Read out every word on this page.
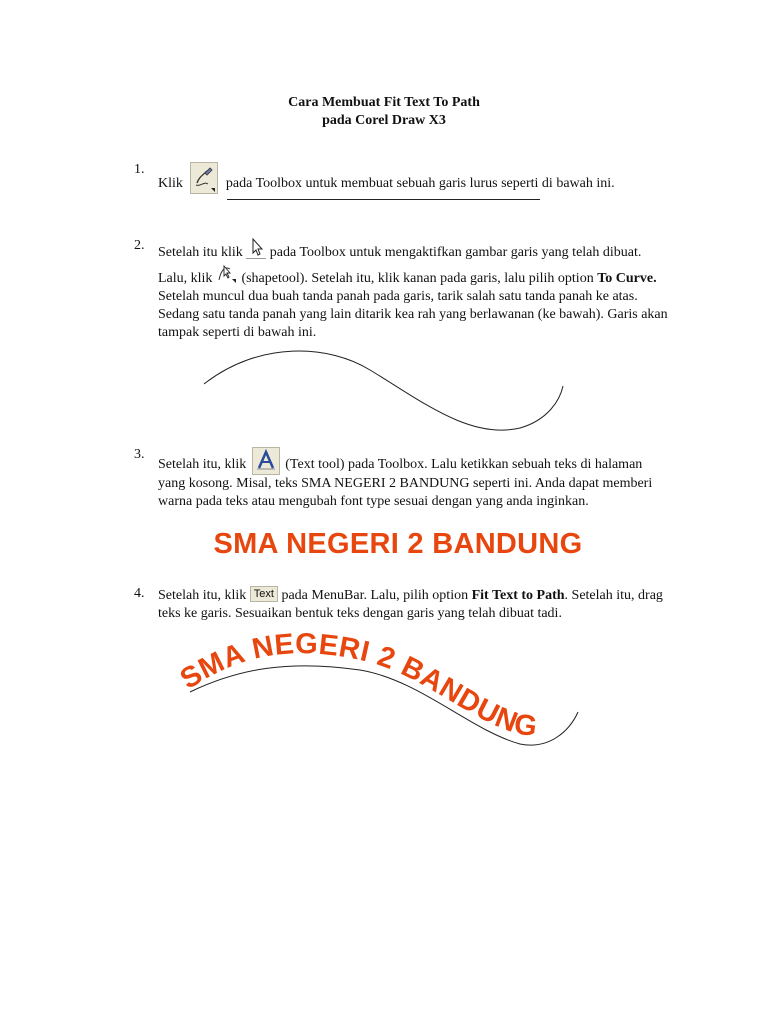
Cara Membuat Fit Text To Path
pada Corel Draw X3
1.
Klik	pada Toolbox untuk membuat sebuah garis lurus seperti di bawah ini.
2. Setelah itu klik pada Toolbox untuk mengaktifkan gambar garis yang telah dibuat. Lalu, klik (shapetool). Setelah itu, klik kanan pada garis, lalu pilih option To Curve. Setelah muncul dua buah tanda panah pada garis, tarik salah satu tanda panah ke atas. Sedang satu tanda panah yang lain ditarik kea rah yang berlawanan (ke bawah). Garis akan tampak seperti di bawah ini.
3.
Setelah itu, klik	(Text tool) pada Toolbox. Lalu ketikkan sebuah teks di halaman yang kosong. Misal, teks SMA NEGERI 2 BANDUNG seperti ini. Anda dapat memberi warna pada teks atau mengubah font type sesuai dengan yang anda inginkan.
SMA NEGERI 2 BANDUNG
4. Setelah itu, klik Text pada MenuBar. Lalu, pilih option Fit Text to Path. Setelah itu, drag teks ke garis. Sesuaikan bentuk teks dengan garis yang telah dibuat tadi.
SMA NEGERI 2 BANDUNG
